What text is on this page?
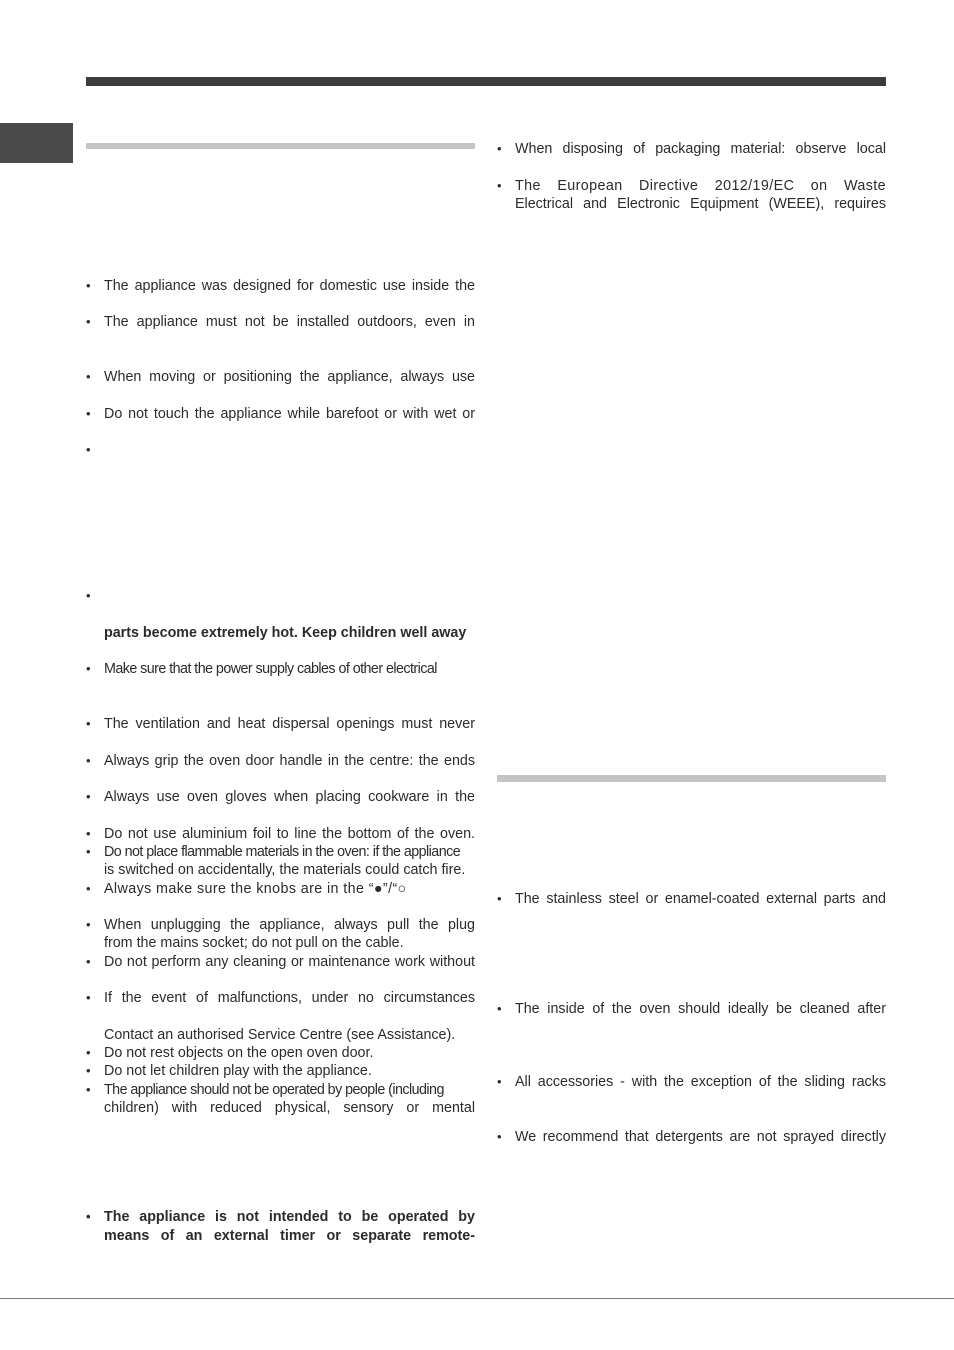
• The appliance was designed for domestic use inside the
• The appliance must not be installed outdoors, even in
• When moving or positioning the appliance, always use
• Do not touch the appliance while barefoot or with wet or
•
•
parts become extremely hot. Keep children well away
• Make sure that the power supply cables of other electrical
• The ventilation and heat dispersal openings must never
• Always grip the oven door handle in the centre: the ends
• Always use oven gloves when placing cookware in the
• Do not use aluminium foil to line the bottom of the oven.
• Do not place flammable materials in the oven: if the appliance
is switched on accidentally, the materials could catch fire.
• Always make sure the knobs are in the “●”/“○
• When unplugging the appliance, always pull the plug
from the mains socket; do not pull on the cable.
• Do not perform any cleaning or maintenance work without
• If the event of malfunctions, under no circumstances
Contact an authorised Service Centre (see Assistance).
• Do not rest objects on the open oven door.
• Do not let children play with the appliance.
• The appliance should not be operated by people (including
children) with reduced physical, sensory or mental
• The appliance is not intended to be operated by
means of an external timer or separate remote-
• When disposing of packaging material: observe local
• The European Directive 2012/19/EC on Waste
Electrical and Electronic Equipment (WEEE), requires
• The stainless steel or enamel-coated external parts and
• The inside of the oven should ideally be cleaned after
• All accessories - with the exception of the sliding racks
• We recommend that detergents are not sprayed directly
